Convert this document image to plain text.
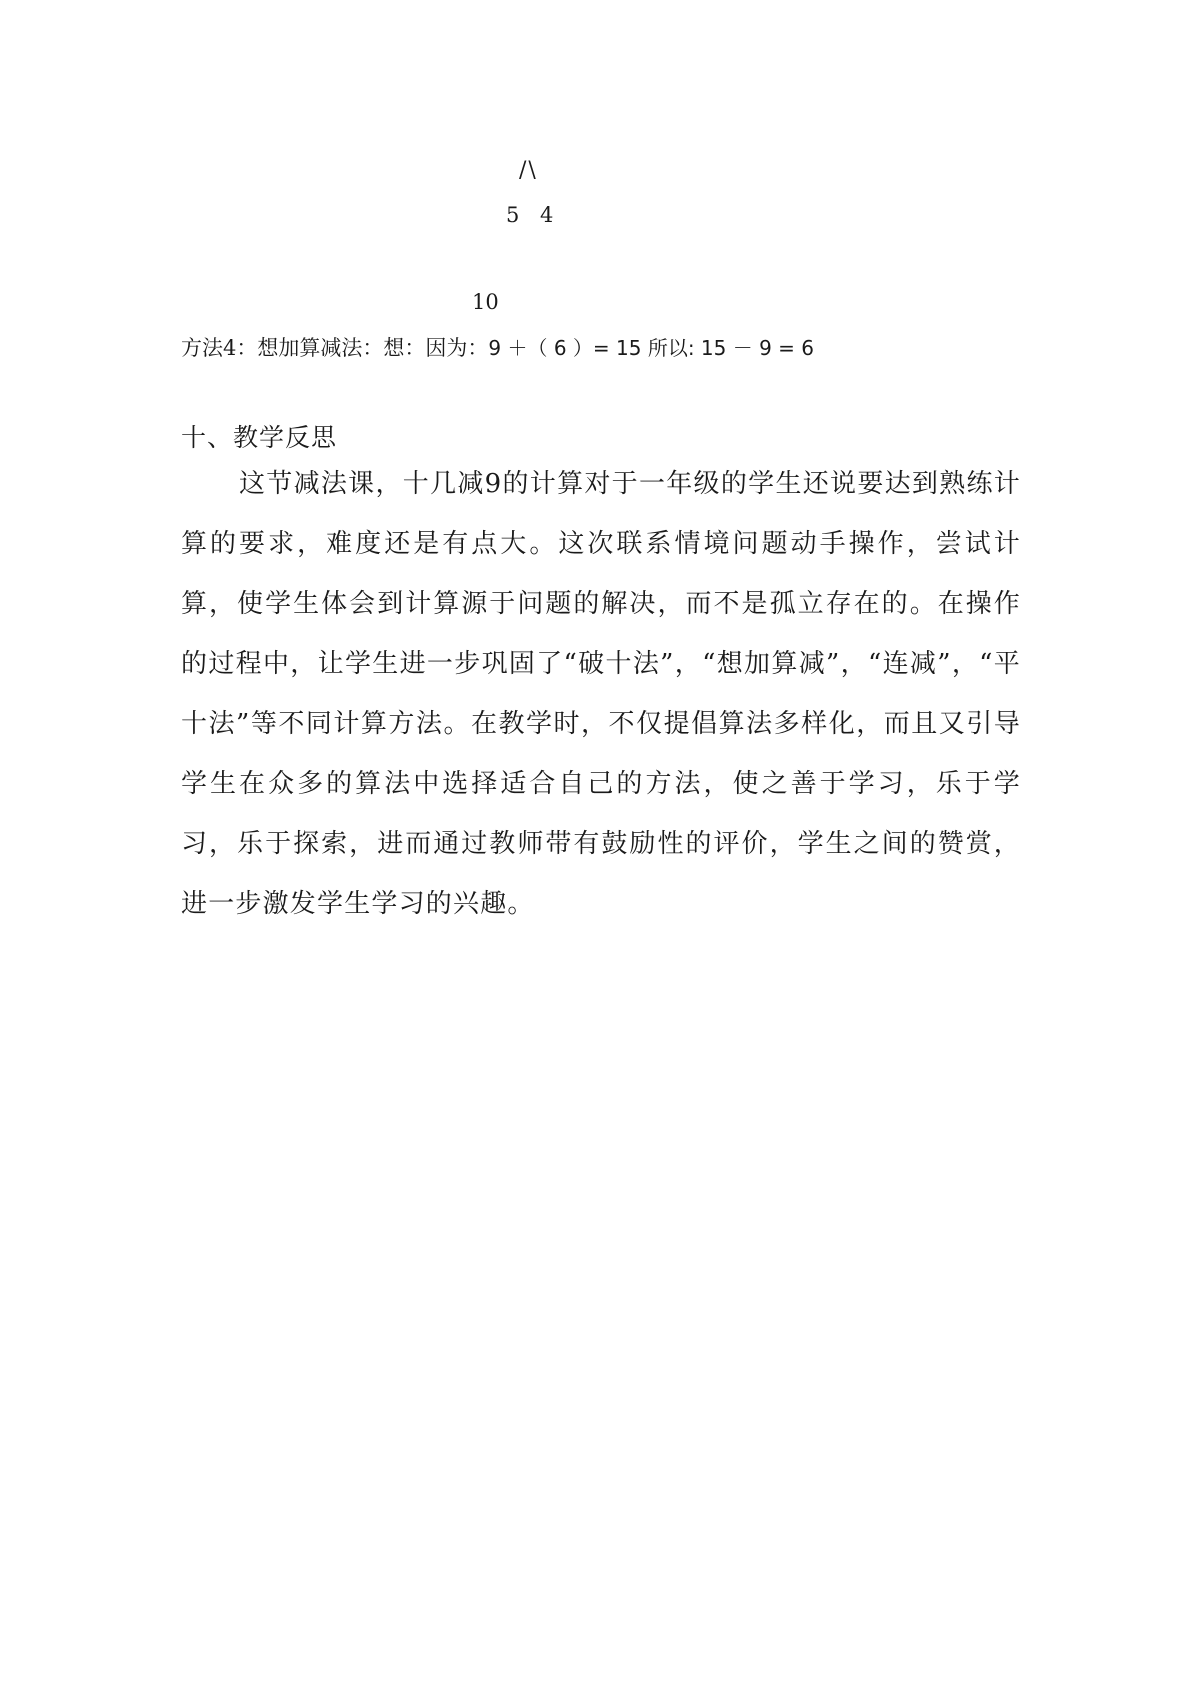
/\
5 4
10
方法4：想加算减法：想：因为：9 ＋（ 6 ）= 15 所以: 15 － 9 = 6
十、教学反思

这节减法课，十几减9的计算对于一年级的学生还说要达到熟练计算的要求，难度还是有点大。这次联系情境问题动手操作，尝试计算，使学生体会到计算源于问题的解决，而不是孤立存在的。在操作的过程中，让学生进一步巩固了“破十法”，“想加算减”，“连减”，“平十法”等不同计算方法。在教学时，不仅提倡算法多样化，而且又引导学生在众多的算法中选择适合自己的方法，使之善于学习，乐于学习，乐于探索，进而通过教师带有鼓励性的评价，学生之间的赞赏，进一步激发学生学习的兴趣。
